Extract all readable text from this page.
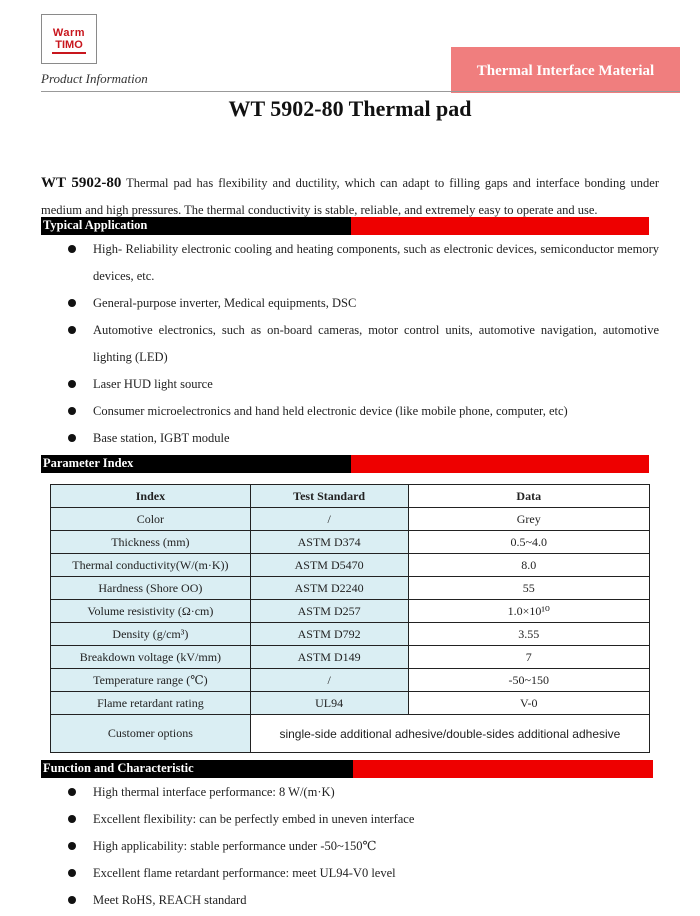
Warm
TIMO
Product Information	Thermal Interface Material
WT 5902-80 Thermal pad

WT 5902-80 Thermal pad has flexibility and ductility, which can adapt to filling gaps and interface bonding under medium and high pressures. The thermal conductivity is stable, reliable, and extremely easy to operate and use.

Typical Application
High- Reliability electronic cooling and heating components, such as electronic devices, semiconductor memory devices, etc.
General-purpose inverter, Medical equipments, DSC
Automotive electronics, such as on-board cameras, motor control units, automotive navigation, automotive lighting (LED)
Laser HUD light source
Consumer microelectronics and hand held electronic device (like mobile phone, computer, etc)
Base station, IGBT module
Parameter Index
Index	Test Standard	Data
Color	/	Grey
Thickness (mm)	ASTM D374	0.5~4.0
Thermal conductivity(W/(m·K))	ASTM D5470	8.0
Hardness (Shore OO)	ASTM D2240	55
Volume resistivity (Ω·cm)	ASTM D257	1.0×10¹⁰
Density (g/cm³)	ASTM D792	3.55
Breakdown voltage (kV/mm)	ASTM D149	7
Temperature range (℃)	/	-50~150
Flame retardant rating	UL94	V-0
Customer options	single-side additional adhesive/double-sides additional adhesive	
Function and Characteristic
High thermal interface performance: 8 W/(m·K)
Excellent flexibility: can be perfectly embed in uneven interface
High applicability: stable performance under -50~150℃
Excellent flame retardant performance: meet UL94-V0 level
Meet RoHS, REACH standard
